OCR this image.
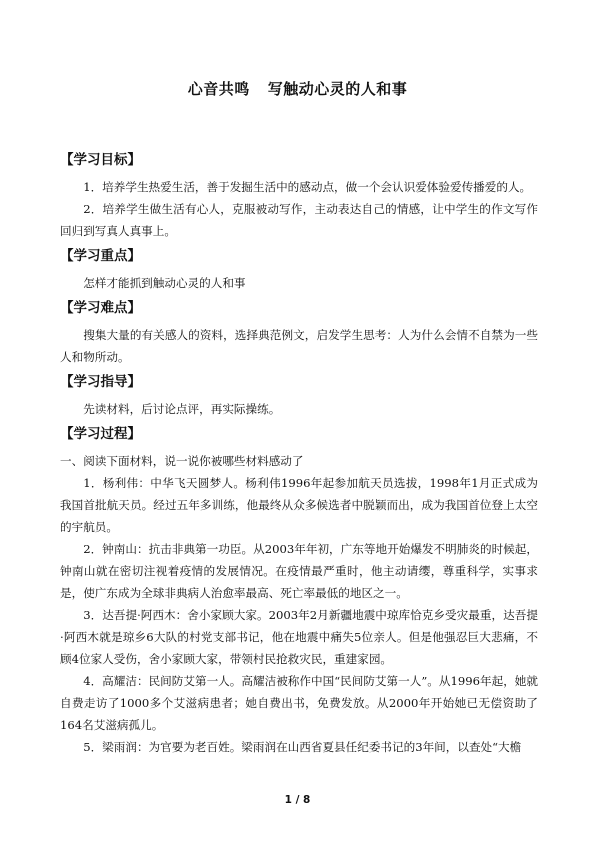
心音共鸣 写触动心灵的人和事
【学习目标】

1．培养学生热爱生活，善于发掘生活中的感动点，做一个会认识爱体验爱传播爱的人。

2．培养学生做生活有心人，克服被动写作，主动表达自己的情感，让中学生的作文写作回归到写真人真事上。

【学习重点】

怎样才能抓到触动心灵的人和事

【学习难点】

搜集大量的有关感人的资料，选择典范例文，启发学生思考：人为什么会情不自禁为一些人和物所动。

【学习指导】

先读材料，后讨论点评，再实际操练。

【学习过程】

一、阅读下面材料，说一说你被哪些材料感动了

1．杨利伟：中华飞天圆梦人。杨利伟1996年起参加航天员选拔，1998年1月正式成为我国首批航天员。经过五年多训练，他最终从众多候选者中脱颖而出，成为我国首位登上太空的宇航员。

2．钟南山：抗击非典第一功臣。从2003年年初，广东等地开始爆发不明肺炎的时候起，钟南山就在密切注视着疫情的发展情况。在疫情最严重时，他主动请缨，尊重科学，实事求是，使广东成为全球非典病人治愈率最高、死亡率最低的地区之一。

3．达吾提·阿西木：舍小家顾大家。2003年2月新疆地震中琼库恰克乡受灾最重，达吾提·阿西木就是琼乡6大队的村党支部书记，他在地震中痛失5位亲人。但是他强忍巨大悲痛，不顾4位家人受伤，舍小家顾大家，带领村民抢救灾民，重建家园。

4．高耀洁：民间防艾第一人。高耀洁被称作中国“民间防艾第一人”。从1996年起，她就自费走访了1000多个艾滋病患者；她自费出书，免费发放。从2000年开始她已无偿资助了164名艾滋病孤儿。

5．梁雨润：为官要为老百姓。梁雨润在山西省夏县任纪委书记的3年间，以查处“大檐

1 / 8
